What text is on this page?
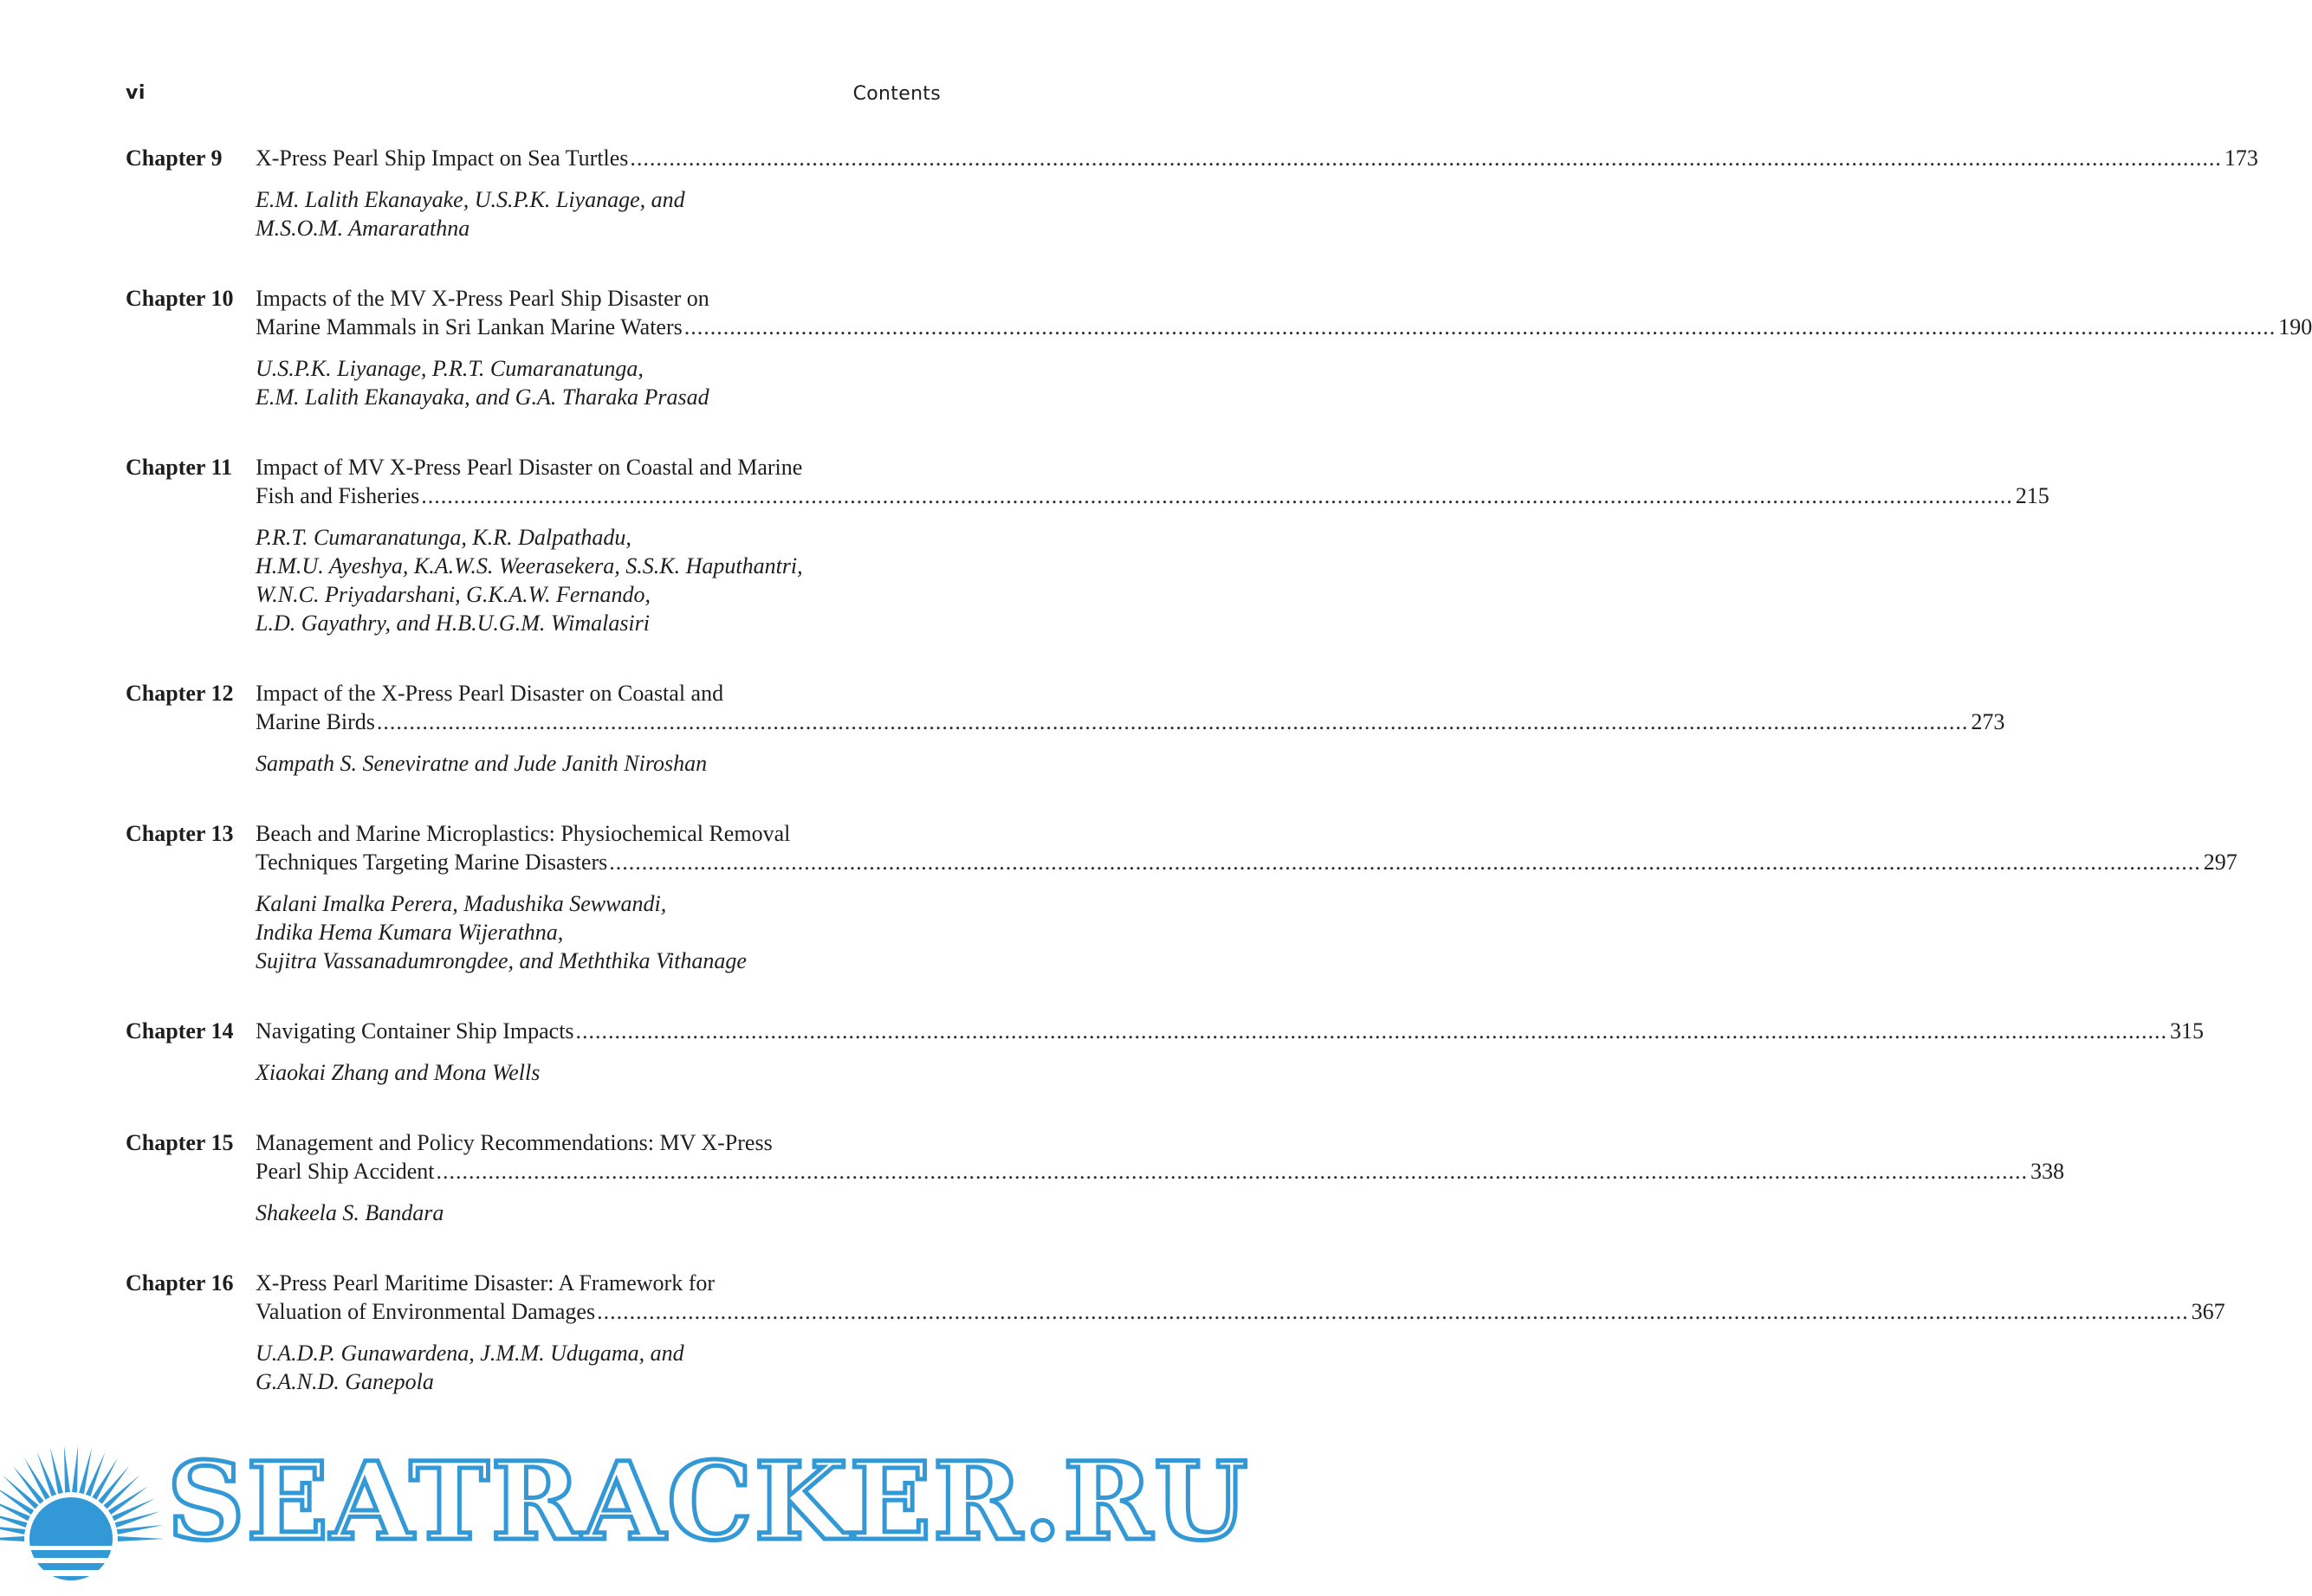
vi	Contents
Chapter 9 X-Press Pearl Ship Impact on Sea Turtles .....	173
E.M. Lalith Ekanayake, U.S.P.K. Liyanage, and
M.S.O.M. Amararathna
Chapter 10 Impacts of the MV X-Press Pearl Ship Disaster on
Marine Mammals in Sri Lankan Marine Waters .....	190
U.S.P.K. Liyanage, P.R.T. Cumaranatunga,
E.M. Lalith Ekanayaka, and G.A. Tharaka Prasad
Chapter 11 Impact of MV X-Press Pearl Disaster on Coastal and Marine
Fish and Fisheries .....	215
P.R.T. Cumaranatunga, K.R. Dalpathadu,
H.M.U. Ayeshya, K.A.W.S. Weerasekera, S.S.K. Haputhantri,
W.N.C. Priyadarshani, G.K.A.W. Fernando,
L.D. Gayathry, and H.B.U.G.M. Wimalasiri
Chapter 12 Impact of the X-Press Pearl Disaster on Coastal and
Marine Birds .....	273
Sampath S. Seneviratne and Jude Janith Niroshan
Chapter 13 Beach and Marine Microplastics: Physiochemical Removal
Techniques Targeting Marine Disasters .....	297
Kalani Imalka Perera, Madushika Sewwandi,
Indika Hema Kumara Wijerathna,
Sujitra Vassanadumrongdee, and Meththika Vithanage
Chapter 14 Navigating Container Ship Impacts .....	315
Xiaokai Zhang and Mona Wells
Chapter 15 Management and Policy Recommendations: MV X-Press
Pearl Ship Accident .....	338
Shakeela S. Bandara
Chapter 16 X-Press Pearl Maritime Disaster: A Framework for
Valuation of Environmental Damages .....	367
U.A.D.P. Gunawardena, J.M.M. Udugama, and
G.A.N.D. Ganepola
SEATRACKER.RU
